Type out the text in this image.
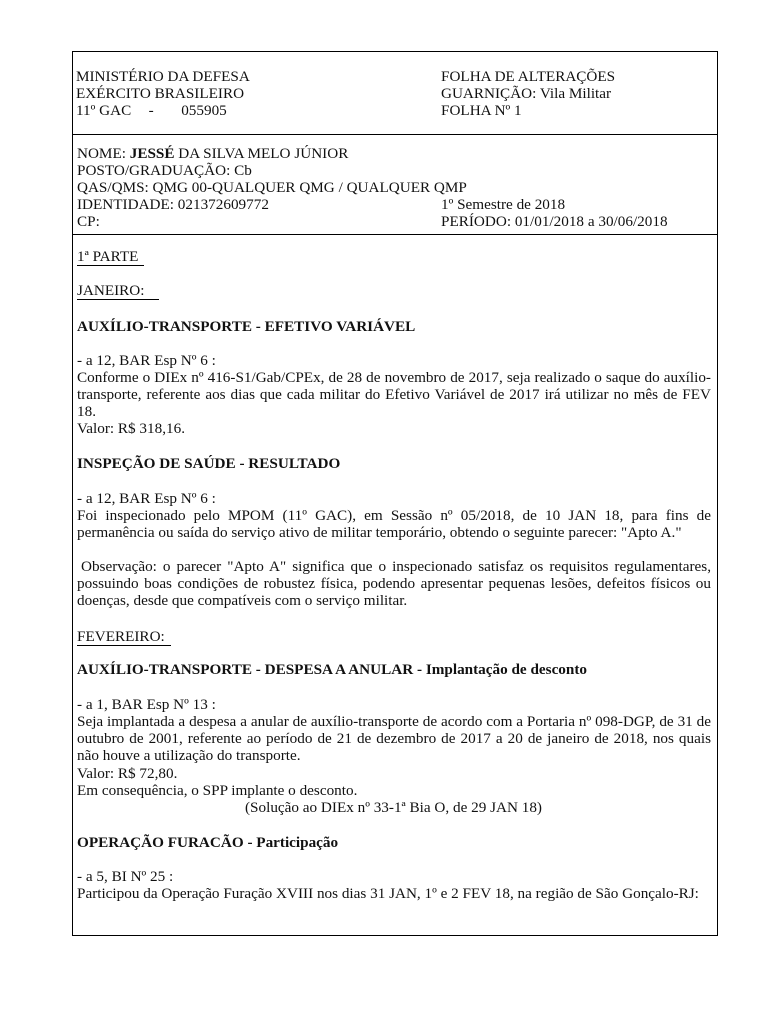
MINISTÉRIO DA DEFESA
EXÉRCITO BRASILEIRO
11º GAC - 055905
FOLHA DE ALTERAÇÕES
GUARNIÇÃO: Vila Militar
FOLHA Nº 1
NOME: JESSÉ DA SILVA MELO JÚNIOR
POSTO/GRADUAÇÃO: Cb
QAS/QMS: QMG 00-QUALQUER QMG / QUALQUER QMP
IDENTIDADE: 021372609772	1º Semestre de 2018
CP:	PERÍODO: 01/01/2018 a 30/06/2018
1ª PARTE
JANEIRO:
AUXÍLIO-TRANSPORTE - EFETIVO VARIÁVEL
- a 12, BAR Esp Nº 6 :
Conforme o DIEx nº 416-S1/Gab/CPEx, de 28 de novembro de 2017, seja realizado o saque do auxílio-transporte, referente aos dias que cada militar do Efetivo Variável de 2017 irá utilizar no mês de FEV 18.
Valor: R$ 318,16.
INSPEÇÃO DE SAÚDE - RESULTADO
- a 12, BAR Esp Nº 6 :
Foi inspecionado pelo MPOM (11º GAC), em Sessão nº 05/2018, de 10 JAN 18, para fins de permanência ou saída do serviço ativo de militar temporário, obtendo o seguinte parecer: "Apto A."
Observação: o parecer "Apto A" significa que o inspecionado satisfaz os requisitos regulamentares, possuindo boas condições de robustez física, podendo apresentar pequenas lesões, defeitos físicos ou doenças, desde que compatíveis com o serviço militar.
FEVEREIRO:
AUXÍLIO-TRANSPORTE - DESPESA A ANULAR - Implantação de desconto
- a 1, BAR Esp Nº 13 :
Seja implantada a despesa a anular de auxílio-transporte de acordo com a Portaria nº 098-DGP, de 31 de outubro de 2001, referente ao período de 21 de dezembro de 2017 a 20 de janeiro de 2018, nos quais não houve a utilização do transporte.
Valor: R$ 72,80.
Em consequência, o SPP implante o desconto.
(Solução ao DIEx nº 33-1ª Bia O, de 29 JAN 18)
OPERAÇÃO FURACÃO - Participação
- a 5, BI Nº 25 :
Participou da Operação Furação XVIII nos dias 31 JAN, 1º e 2 FEV 18, na região de São Gonçalo-RJ:
